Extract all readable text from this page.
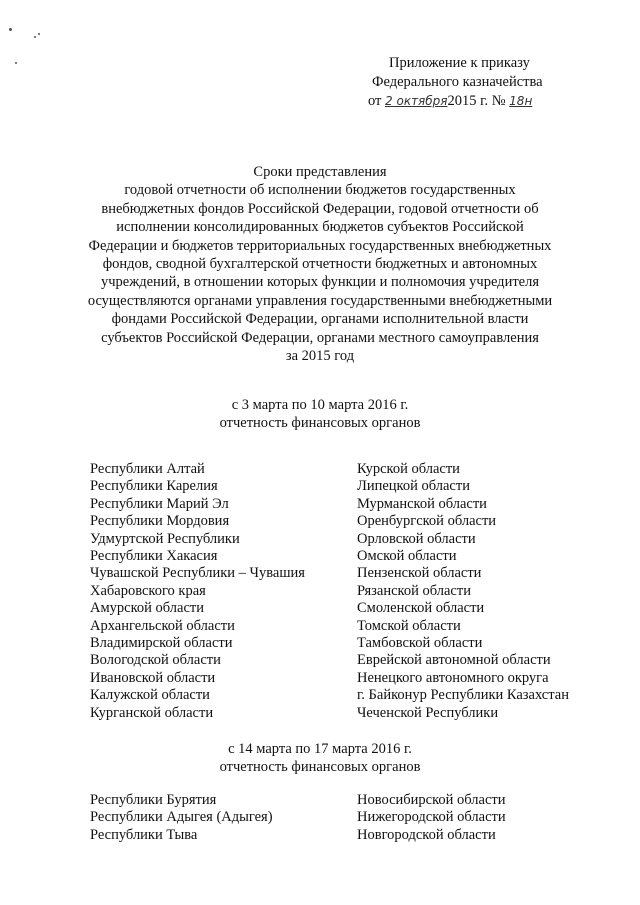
Приложение к приказу
Федерального казначейства
от 2 октября2015 г. № 18н
Сроки представления
годовой отчетности об исполнении бюджетов государственных
внебюджетных фондов Российской Федерации, годовой отчетности об
исполнении консолидированных бюджетов субъектов Российской
Федерации и бюджетов территориальных государственных внебюджетных
фондов, сводной бухгалтерской отчетности бюджетных и автономных
учреждений, в отношении которых функции и полномочия учредителя
осуществляются органами управления государственными внебюджетными
фондами Российской Федерации, органами исполнительной власти
субъектов Российской Федерации, органами местного самоуправления
за 2015 год
с 3 марта по 10 марта 2016 г.
отчетность финансовых органов
Республики Алтай
Республики Карелия
Республики Марий Эл
Республики Мордовия
Удмуртской Республики
Республики Хакасия
Чувашской Республики – Чувашия
Хабаровского края
Амурской области
Архангельской области
Владимирской области
Вологодской области
Ивановской области
Калужской области
Курганской области
Курской области
Липецкой области
Мурманской области
Оренбургской области
Орловской области
Омской области
Пензенской области
Рязанской области
Смоленской области
Томской области
Тамбовской области
Еврейской автономной области
Ненецкого автономного округа
г. Байконур Республики Казахстан
Чеченской Республики
с 14 марта по 17 марта 2016 г.
отчетность финансовых органов
Республики Бурятия
Республики Адыгея (Адыгея)
Республики Тыва
Новосибирской области
Нижегородской области
Новгородской области
